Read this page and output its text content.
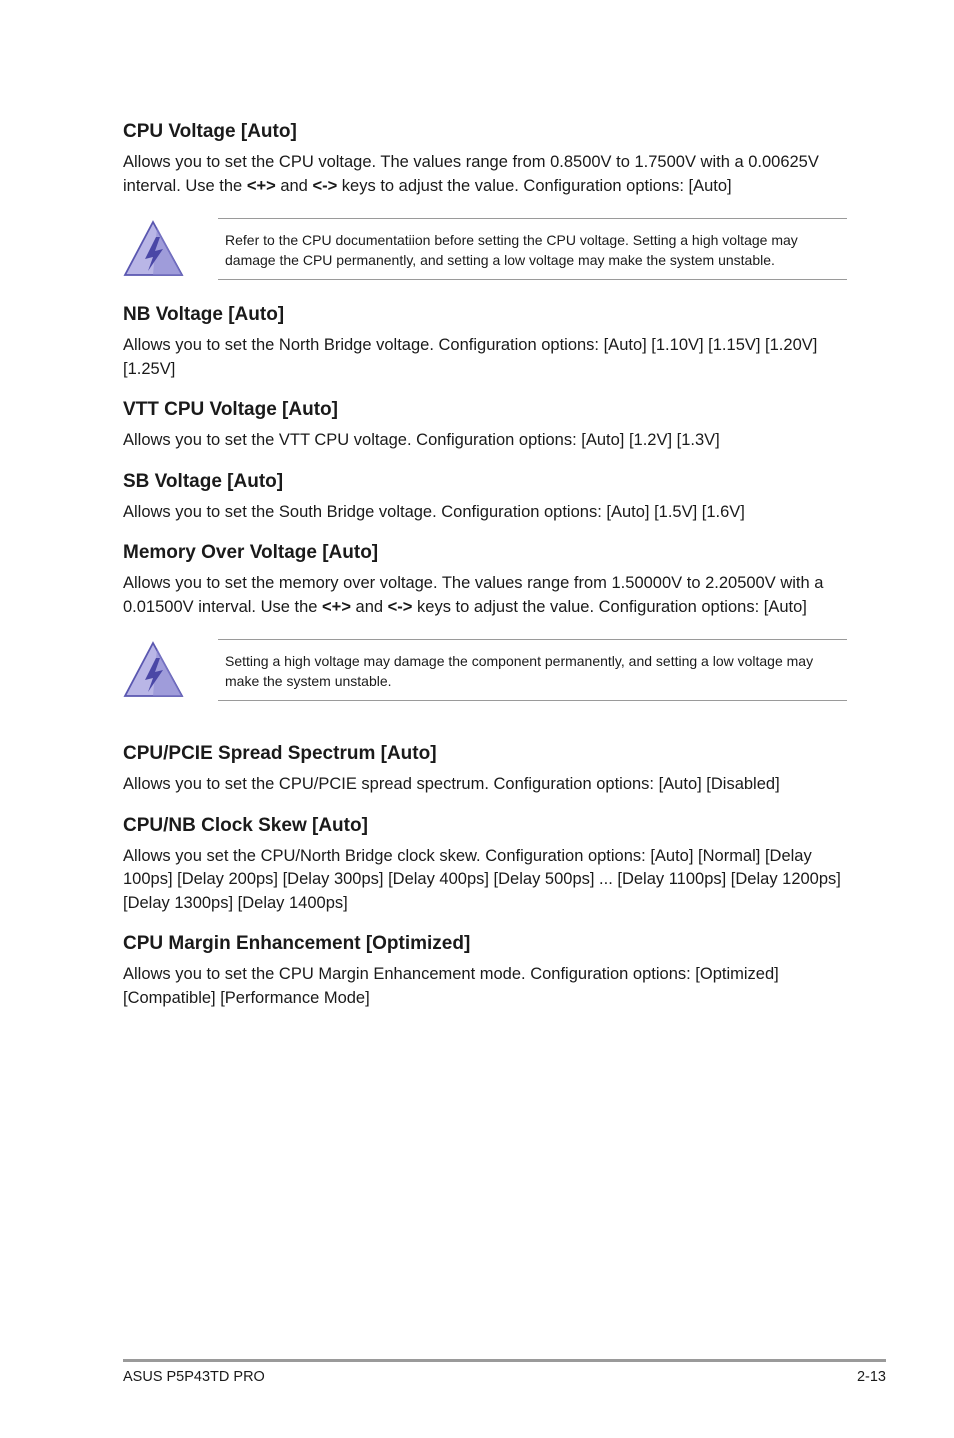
CPU Voltage [Auto]

Allows you to set the CPU voltage. The values range from 0.8500V to 1.7500V with a 0.00625V interval. Use the <+> and <-> keys to adjust the value. Configuration options: [Auto]

Refer to the CPU documentatiion before setting the CPU voltage. Setting a high voltage may damage the CPU permanently, and setting a low voltage may make the system unstable.
NB Voltage [Auto]

Allows you to set the North Bridge voltage. Configuration options: [Auto] [1.10V] [1.15V] [1.20V] [1.25V]

VTT CPU Voltage [Auto]

Allows you to set the VTT CPU voltage. Configuration options: [Auto] [1.2V] [1.3V]

SB Voltage [Auto]

Allows you to set the South Bridge voltage. Configuration options: [Auto] [1.5V] [1.6V]

Memory Over Voltage [Auto]

Allows you to set the memory over voltage. The values range from 1.50000V to 2.20500V with a 0.01500V interval. Use the <+> and <-> keys to adjust the value. Configuration options: [Auto]

Setting a high voltage may damage the component permanently, and setting a low voltage may make the system unstable.
CPU/PCIE Spread Spectrum [Auto]

Allows you to set the CPU/PCIE spread spectrum. Configuration options: [Auto] [Disabled]

CPU/NB Clock Skew [Auto]

Allows you set the CPU/North Bridge clock skew. Configuration options: [Auto] [Normal] [Delay 100ps] [Delay 200ps] [Delay 300ps] [Delay 400ps] [Delay 500ps] ... [Delay 1100ps] [Delay 1200ps] [Delay 1300ps] [Delay 1400ps]

CPU Margin Enhancement [Optimized]

Allows you to set the CPU Margin Enhancement mode. Configuration options: [Optimized] [Compatible] [Performance Mode]

ASUS P5P43TD PRO	2-13
